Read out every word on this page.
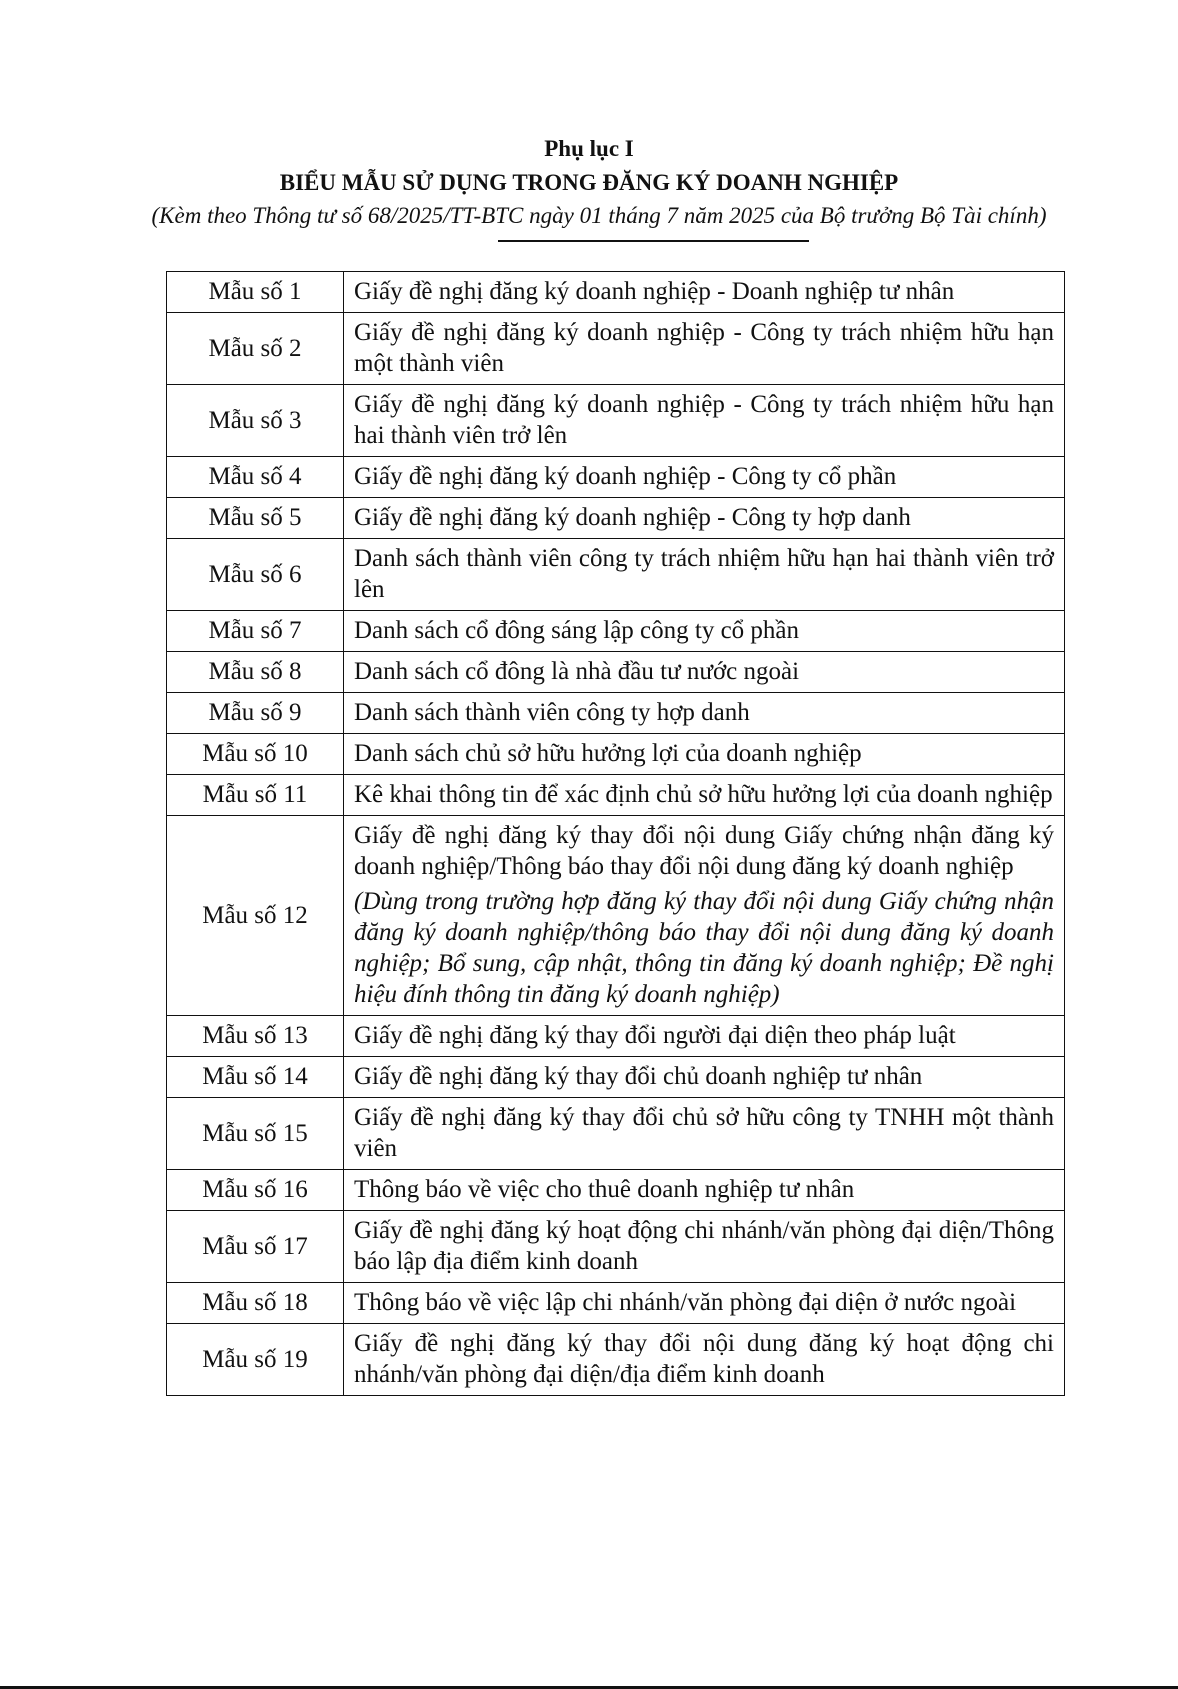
Phụ lục I
BIỂU MẪU SỬ DỤNG TRONG ĐĂNG KÝ DOANH NGHIỆP
(Kèm theo Thông tư số 68/2025/TT-BTC ngày 01 tháng 7 năm 2025 của Bộ trưởng Bộ Tài chính)
Mẫu số 1	Giấy đề nghị đăng ký doanh nghiệp - Doanh nghiệp tư nhân
Mẫu số 2	Giấy đề nghị đăng ký doanh nghiệp - Công ty trách nhiệm hữu hạn một thành viên
Mẫu số 3	Giấy đề nghị đăng ký doanh nghiệp - Công ty trách nhiệm hữu hạn hai thành viên trở lên
Mẫu số 4	Giấy đề nghị đăng ký doanh nghiệp - Công ty cổ phần
Mẫu số 5	Giấy đề nghị đăng ký doanh nghiệp - Công ty hợp danh
Mẫu số 6	Danh sách thành viên công ty trách nhiệm hữu hạn hai thành viên trở lên
Mẫu số 7	Danh sách cổ đông sáng lập công ty cổ phần
Mẫu số 8	Danh sách cổ đông là nhà đầu tư nước ngoài
Mẫu số 9	Danh sách thành viên công ty hợp danh
Mẫu số 10	Danh sách chủ sở hữu hưởng lợi của doanh nghiệp
Mẫu số 11	Kê khai thông tin để xác định chủ sở hữu hưởng lợi của doanh nghiệp
Mẫu số 12	Giấy đề nghị đăng ký thay đổi nội dung Giấy chứng nhận đăng ký doanh nghiệp/Thông báo thay đổi nội dung đăng ký doanh nghiệp
(Dùng trong trường hợp đăng ký thay đổi nội dung Giấy chứng nhận đăng ký doanh nghiệp/thông báo thay đổi nội dung đăng ký doanh nghiệp; Bổ sung, cập nhật, thông tin đăng ký doanh nghiệp; Đề nghị hiệu đính thông tin đăng ký doanh nghiệp)

Mẫu số 13	Giấy đề nghị đăng ký thay đổi người đại diện theo pháp luật
Mẫu số 14	Giấy đề nghị đăng ký thay đổi chủ doanh nghiệp tư nhân
Mẫu số 15	Giấy đề nghị đăng ký thay đổi chủ sở hữu công ty TNHH một thành viên
Mẫu số 16	Thông báo về việc cho thuê doanh nghiệp tư nhân
Mẫu số 17	Giấy đề nghị đăng ký hoạt động chi nhánh/văn phòng đại diện/Thông báo lập địa điểm kinh doanh
Mẫu số 18	Thông báo về việc lập chi nhánh/văn phòng đại diện ở nước ngoài
Mẫu số 19	Giấy đề nghị đăng ký thay đổi nội dung đăng ký hoạt động chi nhánh/văn phòng đại diện/địa điểm kinh doanh
